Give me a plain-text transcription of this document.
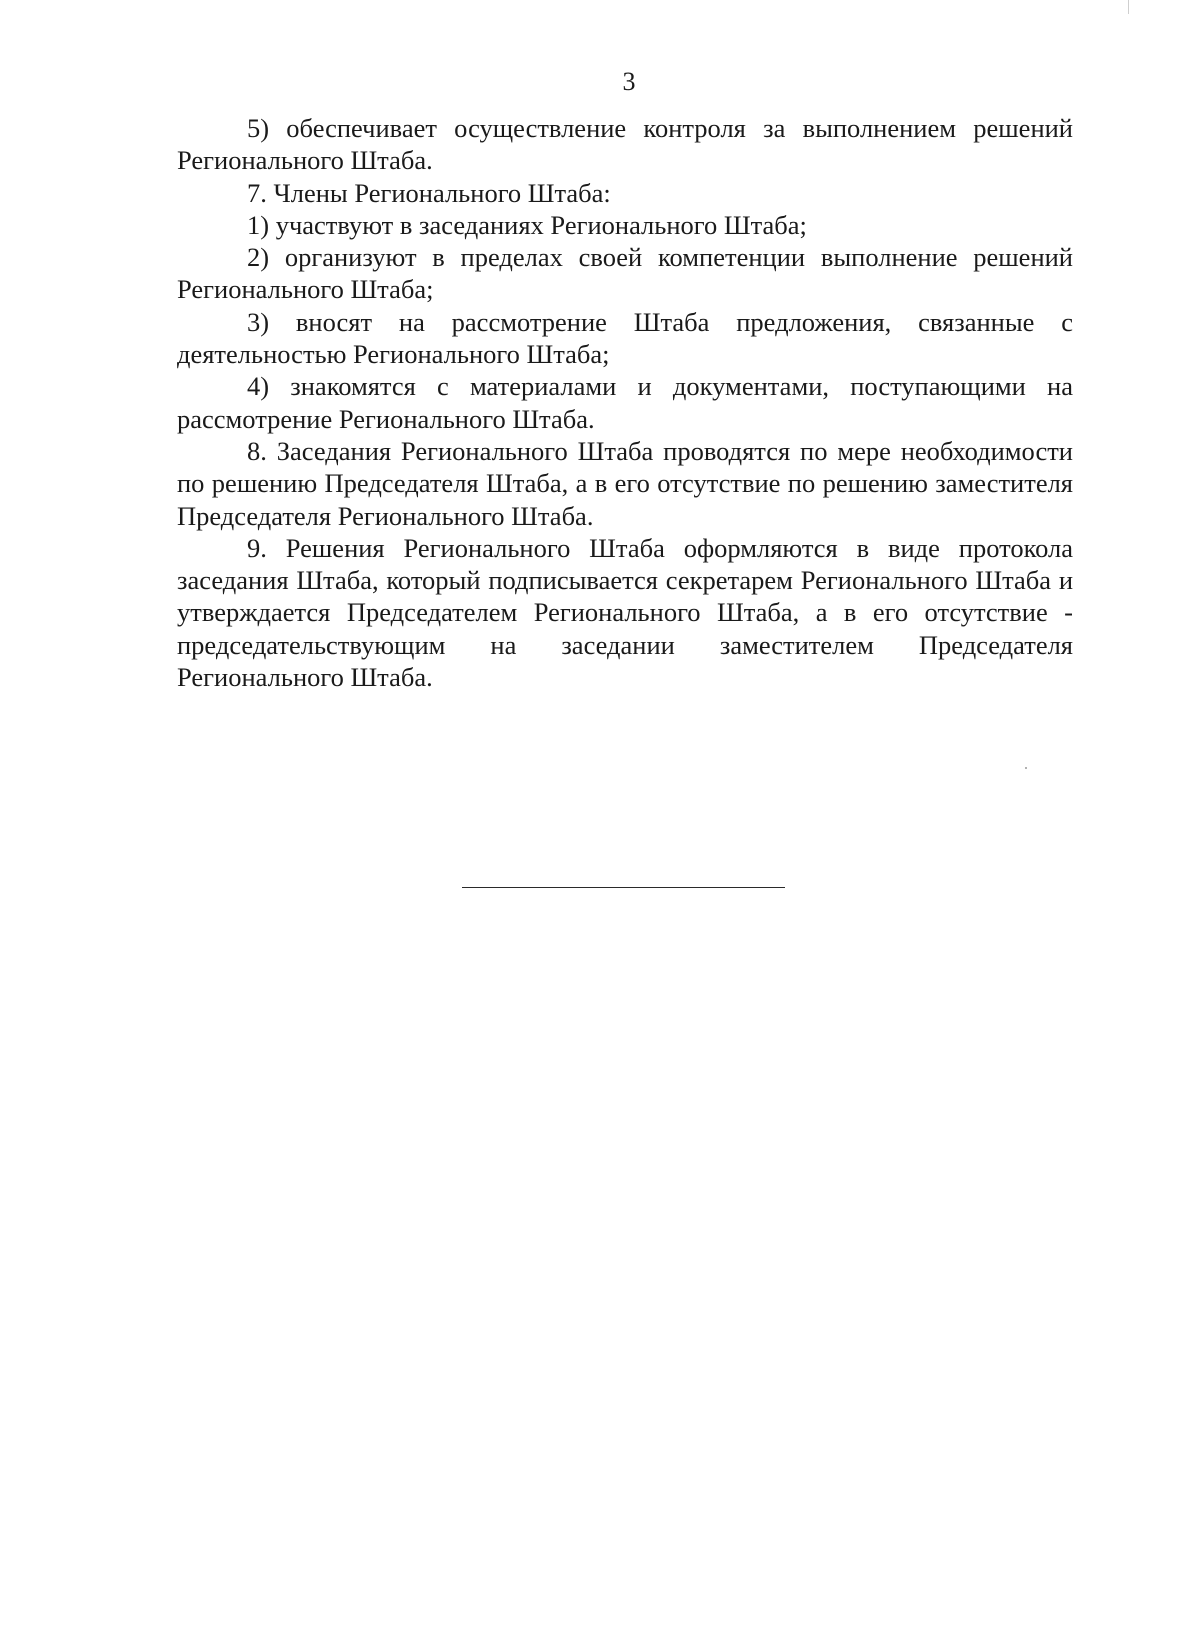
3

5) обеспечивает осуществление контроля за выполнением решений Регионального Штаба.

7. Члены Регионального Штаба:

1) участвуют в заседаниях Регионального Штаба;

2) организуют в пределах своей компетенции выполнение решений Регионального Штаба;

3) вносят на рассмотрение Штаба предложения, связанные с деятельностью Регионального Штаба;

4) знакомятся с материалами и документами, поступающими на рассмотрение Регионального Штаба.

8. Заседания Регионального Штаба проводятся по мере необходимости по решению Председателя Штаба, а в его отсутствие по решению заместителя Председателя Регионального Штаба.

9. Решения Регионального Штаба оформляются в виде протокола заседания Штаба, который подписывается секретарем Регионального Штаба и утверждается Председателем Регионального Штаба, а в его отсутствие - председательствующим на заседании заместителем Председателя Регионального Штаба.
